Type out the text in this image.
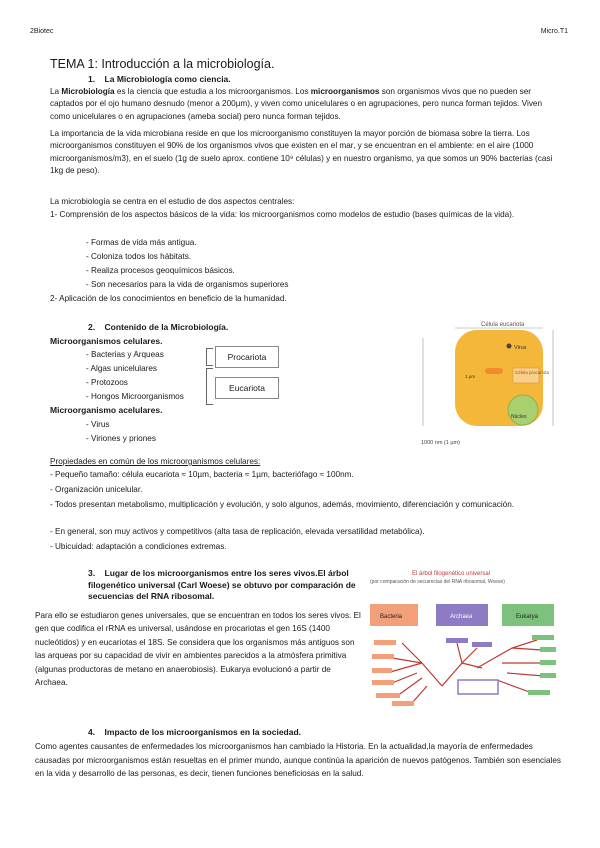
2Biotec	Micro.T1
TEMA 1: Introducción a la microbiología.
1.    La Microbiología como ciencia.
La Microbiología es la ciencia que estudia a los microorganismos. Los microorganismos son organismos vivos que no pueden ser captados por el ojo humano desnudo (menor a 200µm), y viven como unicelulares o en agrupaciones, pero nunca forman tejidos. Viven como unicelulares o en agrupaciones (ameba social) pero nunca forman tejidos.
La importancia de la vida microbiana reside en que los microorganismo constituyen la mayor porción de biomasa sobre la tierra. Los microorganismos constituyen el 90% de los organismos vivos que existen en el mar, y se encuentran en el ambiente: en el aire (1000 microorganismos/m3), en el suelo (1g de suelo aprox. contiene 10⁹ células) y en nuestro organismo, ya que somos un 90% bacterias (casi 1kg de peso).
La microbiología se centra en el estudio de dos aspectos centrales:
1- Comprensión de los aspectos básicos de la vida: los microorganismos como modelos de estudio (bases químicas de la vida).
- Formas de vida más antigua.
- Colonizа todos los hábitats.
- Realiza procesos geoquímicos básicos.
- Son necesarios para la vida de organismos superiores
2- Aplicación de los conocimientos en beneficio de la humanidad.
2.    Contenido de la Microbiología.
Microorganismos celulares.
- Bacterias y Arqueas
- Algas unicelulares
- Protozoos
- Hongos Microorganismos
Procariota
Eucariota
Microorganismo acelulares.
- Virus
- Viriones y priones
Célula eucariota
Virus
Célula procariota
1 µm
Núcleo
1000 nm (1 µm)
Propiedades en común de los microorganismos celulares:
- Pequeño tamaño: célula eucariota ≈ 10µm, bacteria ≈ 1µm, bacteriófago ≈ 100nm.
- Organización unicelular.
- Todos presentan metabolismo, multiplicación y evolución, y solo algunos, además, movimiento, diferenciación y comunicación.
- En general, son muy activos y competitivos (alta tasa de replicación, elevada versatilidad metabólica).
- Ubicuidad: adaptación a condiciones extremas.
3.    Lugar de los microorganismos entre los seres vivos.El árbol filogenético universal (Carl Woese) se obtuvo por comparación de secuencias del RNA ribosomal.
Para ello se estudiaron genes universales, que se encuentran en todos los seres vivos. El gen que codifica el rRNA es universal, usándose en procariotas el gen 16S (1400 nucleótidos) y en eucariotas el 18S. Se considera que los organismos más antiguos son las arqueas por su capacidad de vivir en ambientes parecidos a la atmósfera primitiva (algunas productoras de metano en anaerobiosis). Eukarya evolucionó a partir de Archaea.
El árbol filogenético universal
(por comparación de secuencias del RNA ribosomal, Woese)
Bacteria	Archaea	Eukarya
4.    Impacto de los microorganismos en la sociedad.
Como agentes causantes de enfermedades los microorganismos han cambiado la Historia. En la actualidad,la mayoría de enfermedades causadas por microorganismos están resueltas en el primer mundo, aunque continúa la aparición de nuevos patógenos. También son esenciales en la vida y desarrollo de las personas, es decir, tienen funciones beneficiosas en la salud.
